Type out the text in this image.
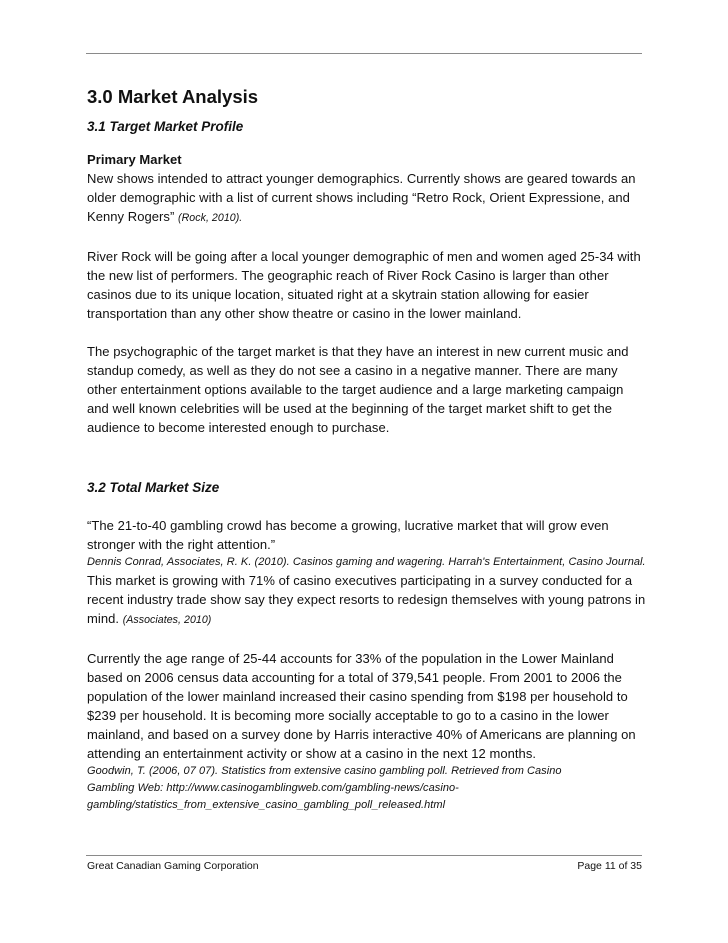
3.0 Market Analysis
3.1 Target Market Profile

Primary Market

New shows intended to attract younger demographics. Currently shows are geared towards an older demographic with a list of current shows including “Retro Rock, Orient Expressione, and Kenny Rogers” (Rock, 2010).

River Rock will be going after a local younger demographic of men and women aged 25-34 with the new list of performers. The geographic reach of River Rock Casino is larger than other casinos due to its unique location, situated right at a skytrain station allowing for easier transportation than any other show theatre or casino in the lower mainland.

The psychographic of the target market is that they have an interest in new current music and standup comedy, as well as they do not see a casino in a negative manner. There are many other entertainment options available to the target audience and a large marketing campaign and well known celebrities will be used at the beginning of the target market shift to get the audience to become interested enough to purchase.

3.2 Total Market Size

“The 21-to-40 gambling crowd has become a growing, lucrative market that will grow even stronger with the right attention.”

Dennis Conrad, Associates, R. K. (2010). Casinos gaming and wagering. Harrah's Entertainment, Casino Journal.

This market is growing with 71% of casino executives participating in a survey conducted for a recent industry trade show say they expect resorts to redesign themselves with young patrons in mind. (Associates, 2010)

Currently the age range of 25-44 accounts for 33% of the population in the Lower Mainland based on 2006 census data accounting for a total of 379,541 people. From 2001 to 2006 the population of the lower mainland increased their casino spending from $198 per household to $239 per household. It is becoming more socially acceptable to go to a casino in the lower mainland, and based on a survey done by Harris interactive 40% of Americans are planning on attending an entertainment activity or show at a casino in the next 12 months.

Goodwin, T. (2006, 07 07). Statistics from extensive casino gambling poll. Retrieved from Casino
Gambling Web: http://www.casinogamblingweb.com/gambling-news/casino-
gambling/statistics_from_extensive_casino_gambling_poll_released.html

Great Canadian Gaming Corporation	Page 11 of 35
